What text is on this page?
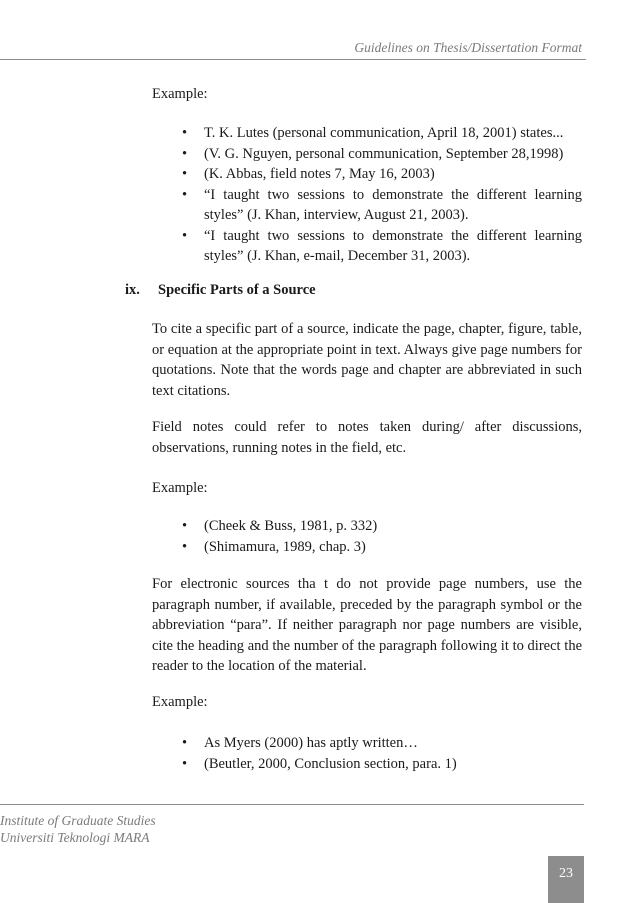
Guidelines on Thesis/Dissertation Format
Example:
• T. K. Lutes (personal communication, April 18, 2001) states...
• (V. G. Nguyen, personal communication, September 28,1998)
• (K. Abbas, field notes 7, May 16, 2003)
• “I taught two sessions to demonstrate the different learning styles” (J. Khan, interview, August 21, 2003).
• “I taught two sessions to demonstrate the different learning styles” (J. Khan, e-mail, December 31, 2003).
ix. Specific Parts of a Source
To cite a specific part of a source, indicate the page, chapter, figure, table, or equation at the appropriate point in text. Always give page numbers for quotations. Note that the words page and chapter are abbreviated in such text citations.
Field notes could refer to notes taken during/ after discussions, observations, running notes in the field, etc.
Example:
• (Cheek & Buss, 1981, p. 332)
• (Shimamura, 1989, chap. 3)
For electronic sources tha t do not provide page numbers, use the paragraph number, if available, preceded by the paragraph symbol or the abbreviation “para”. If neither paragraph nor page numbers are visible, cite the heading and the number of the paragraph following it to direct the reader to the location of the material.
Example:
• As Myers (2000) has aptly written…
• (Beutler, 2000, Conclusion section, para. 1)
Institute of Graduate Studies
Universiti Teknologi MARA
23
